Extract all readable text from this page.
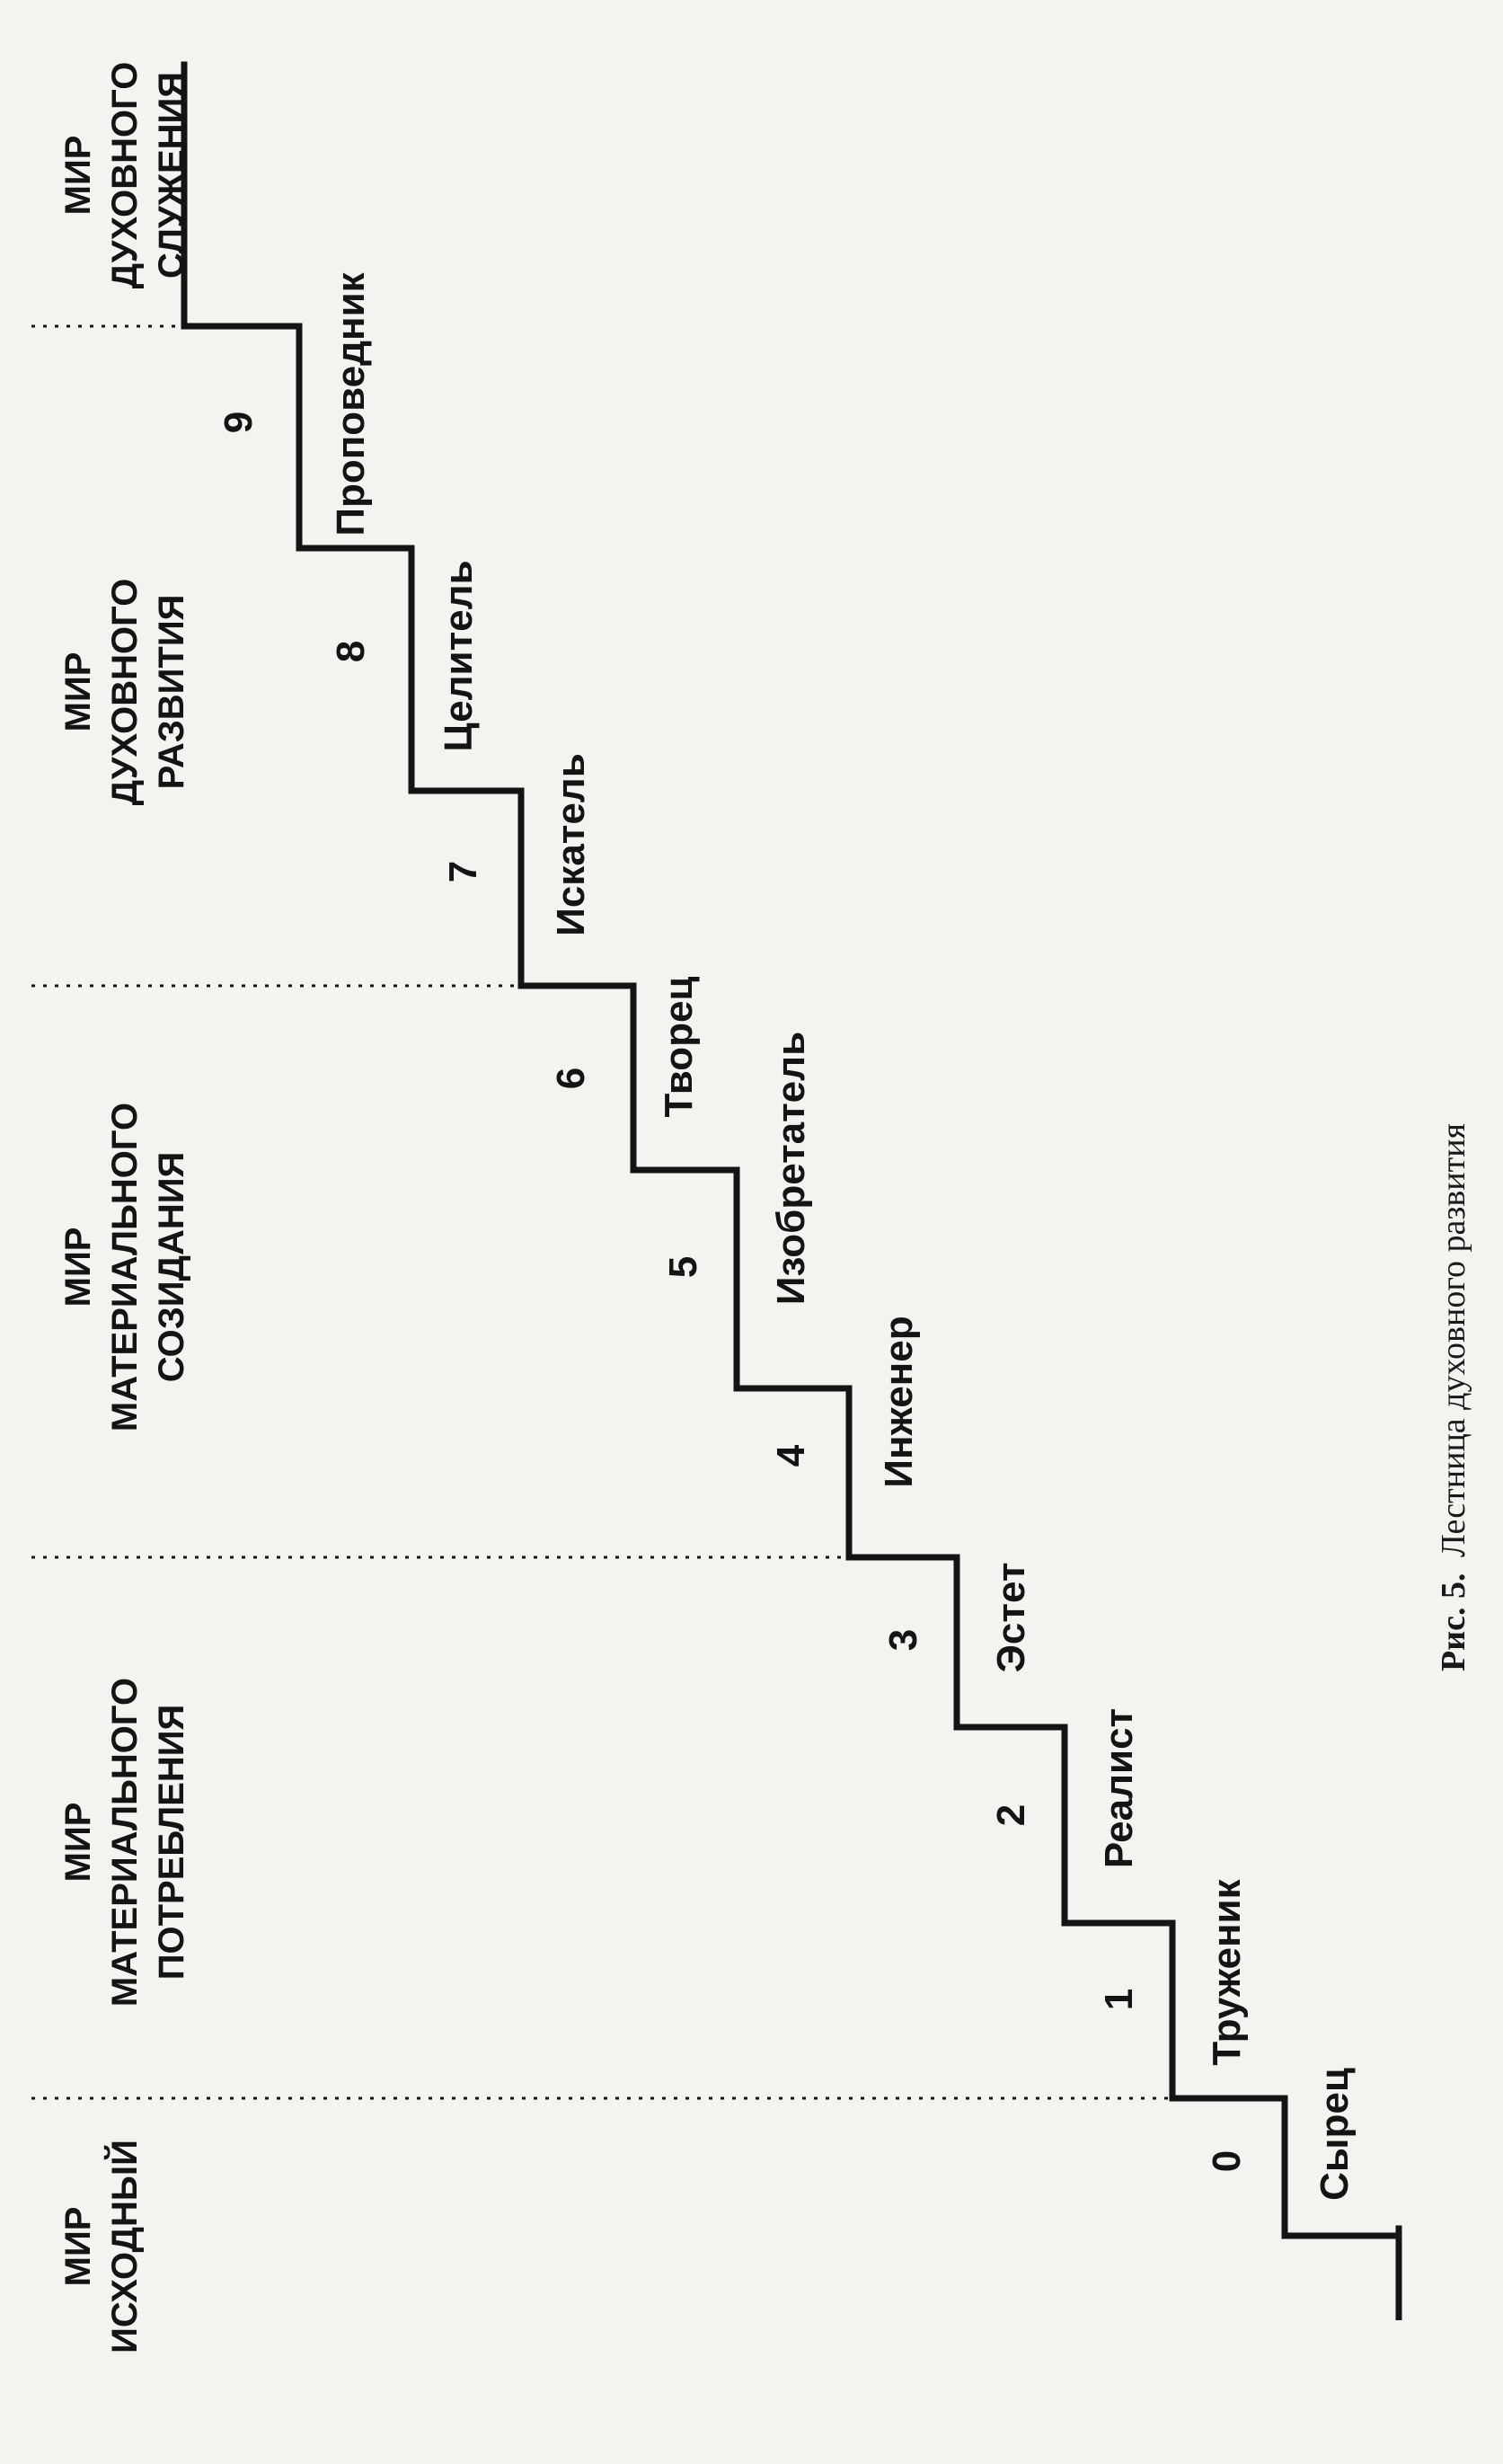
МИР ИСХОДНЫЙ
МИР МАТЕРИАЛЬНОГО ПОТРЕБЛЕНИЯ
МИР МАТЕРИАЛЬНОГО СОЗИДАНИЯ
МИР ДУХОВНОГО РАЗВИТИЯ
МИР ДУХОВНОГО СЛУЖЕНИЯ
0 Сырец
1 Труженик
2 Реалист
3 Эстет
4 Инженер
5 Изобретатель
6 Творец
7 Искатель
8 Целитель
9 Проповедник
Рис. 5. Лестница духовного развития
